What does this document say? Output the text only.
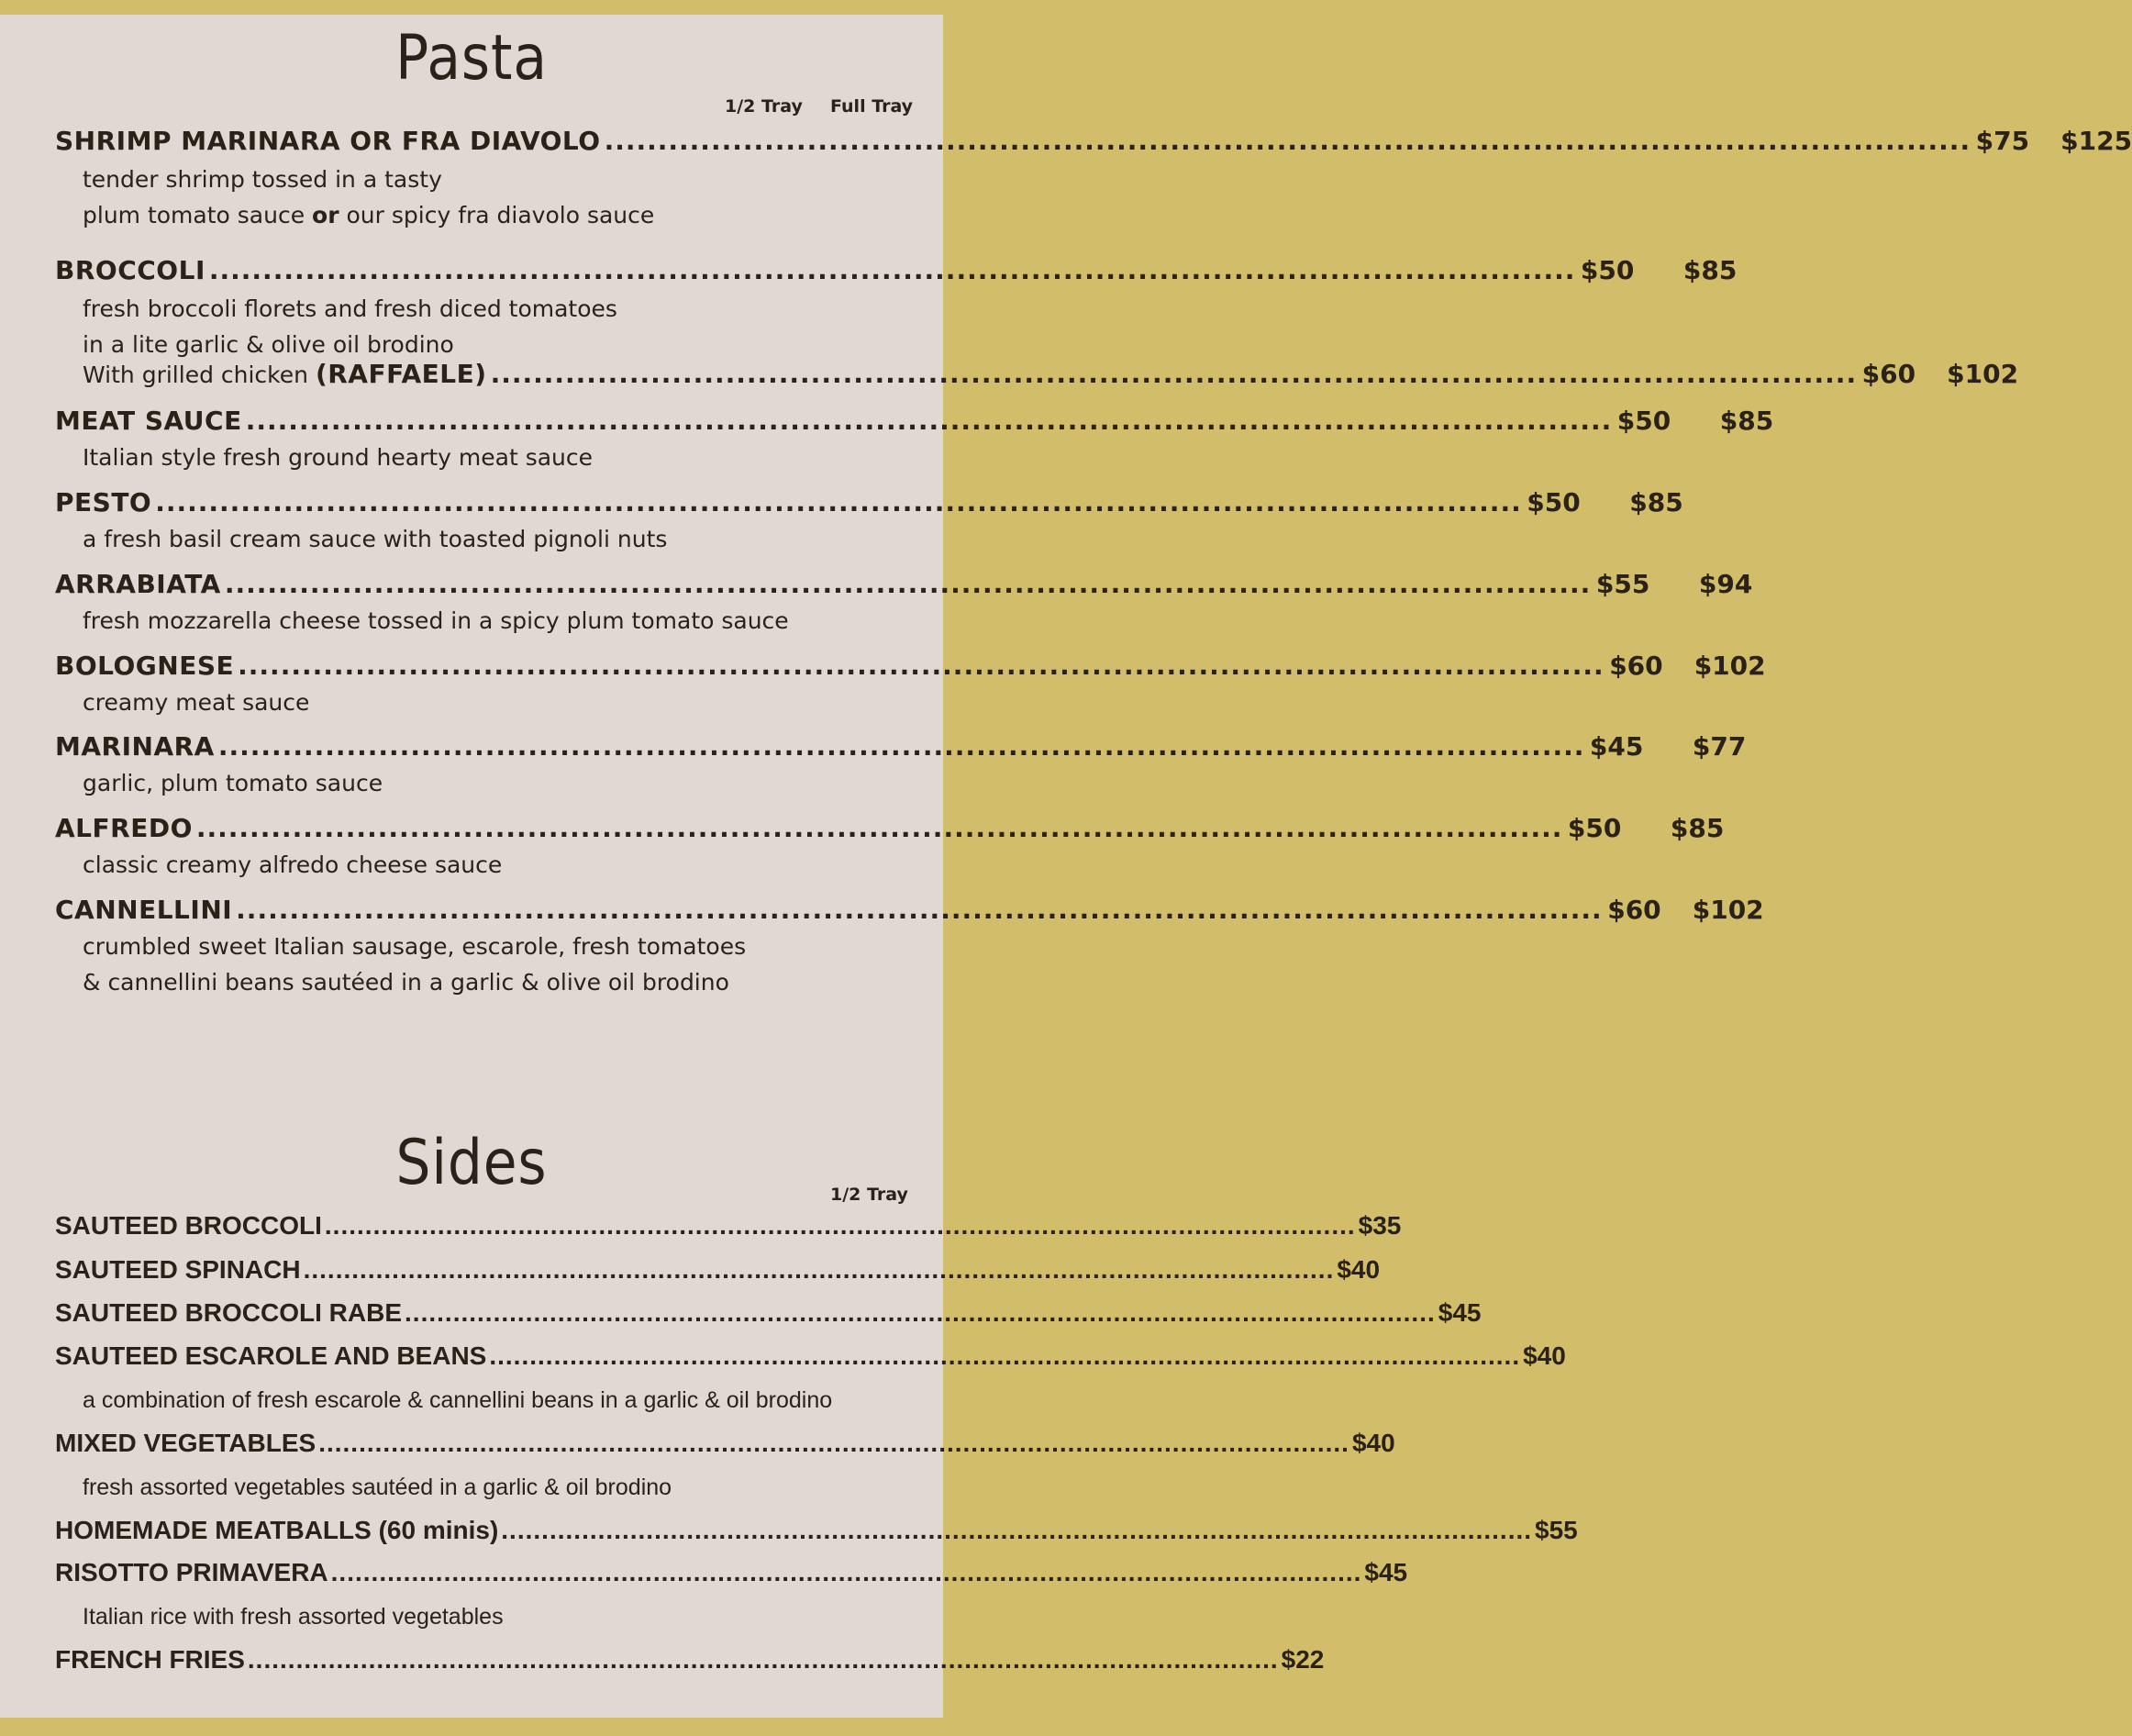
Pasta
1/2 Tray Full Tray
SHRIMP MARINARA OR FRA DIAVOLO ................................................................................................................................ $75	$125
tender shrimp tossed in a tasty
plum tomato sauce or our spicy fra diavolo sauce
BROCCOLI ................................................................................................................................ $50	$85
fresh broccoli florets and fresh diced tomatoes
in a lite garlic & olive oil brodino
With grilled chicken (RAFFAELE) ................................................................................................................................ $60	$102
MEAT SAUCE ................................................................................................................................ $50	$85
Italian style fresh ground hearty meat sauce
PESTO ................................................................................................................................ $50	$85
a fresh basil cream sauce with toasted pignoli nuts
ARRABIATA ................................................................................................................................ $55	$94
fresh mozzarella cheese tossed in a spicy plum tomato sauce
BOLOGNESE ................................................................................................................................ $60	$102
creamy meat sauce
MARINARA ................................................................................................................................ $45	$77
garlic, plum tomato sauce
ALFREDO ................................................................................................................................ $50	$85
classic creamy alfredo cheese sauce
CANNELLINI ................................................................................................................................ $60	$102
crumbled sweet Italian sausage, escarole, fresh tomatoes
& cannellini beans sautéed in a garlic & olive oil brodino
Sides	1/2 Tray
SAUTEED BROCCOLI ................................................................................................................................ $35
SAUTEED SPINACH ................................................................................................................................ $40
SAUTEED BROCCOLI RABE ................................................................................................................................ $45
SAUTEED ESCAROLE AND BEANS ................................................................................................................................ $40
a combination of fresh escarole & cannellini beans in a garlic & oil brodino
MIXED VEGETABLES ................................................................................................................................ $40
fresh assorted vegetables sautéed in a garlic & oil brodino
HOMEMADE MEATBALLS (60 minis) ................................................................................................................................ $55
RISOTTO PRIMAVERA ................................................................................................................................ $45
Italian rice with fresh assorted vegetables
FRENCH FRIES ................................................................................................................................ $22
